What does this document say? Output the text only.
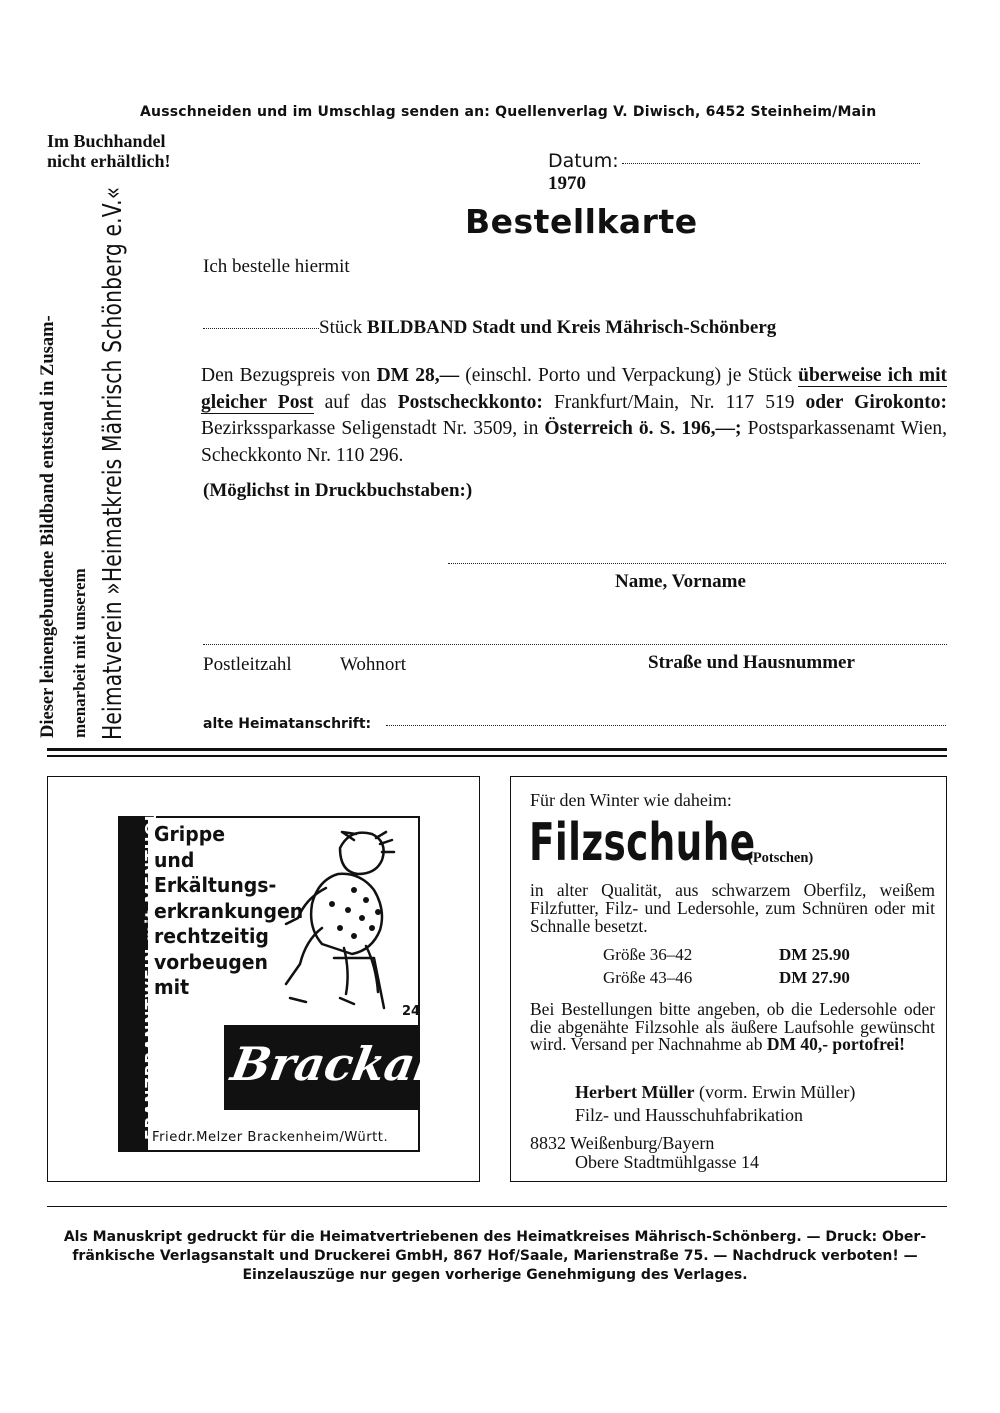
Ausschneiden und im Umschlag senden an: Quellenverlag V. Diwisch, 6452 Steinheim/Main
Im Buchhandel
nicht erhältlich!	Datum:1970
Bestellkarte
Dieser leinengebundene Bildband entstand in Zusam- menarbeit mit unserem Heimatverein »Heimatkreis Mährisch Schönberg e.V.«	Ich bestelle hiermit
Stück BILDBAND Stadt und Kreis Mährisch-Schönberg
Den Bezugspreis von DM 28,— (einschl. Porto und Verpackung) je Stück überweise ich mit gleicher Post auf das Postscheckkonto: Frankfurt/Main, Nr. 117 519 oder Girokonto: Bezirkssparkasse Seligenstadt Nr. 3509, in Österreich ö. S. 196,—; Postsparkassenamt Wien, Scheckkonto Nr. 110 296.
(Möglichst in Druckbuchstaben:)
Name, Vorname
Postleitzahl	Wohnort	Straße und Hausnummer
alte Heimatanschrift:
FRANZBRANNTWEIN mit MENTHOL
Grippe
und
Erkältungs-
erkrankungen
rechtzeitig
vorbeugen
mit
24
Brackal
Friedr.Melzer Brackenheim/Württ.
Für den Winter wie daheim:
Filzschuhe
(Potschen)
in alter Qualität, aus schwarzem Oberfilz, weißem Filzfutter, Filz- und Ledersohle, zum Schnüren oder mit Schnalle besetzt.
Größe 36–42	DM 25.90
Größe 43–46	DM 27.90
Bei Bestellungen bitte angeben, ob die Ledersohle oder die abgenähte Filzsohle als äußere Laufsohle gewünscht wird. Versand per Nachnahme ab DM 40,- portofrei!
Herbert Müller (vorm. Erwin Müller)
Filz- und Hausschuhfabrikation
8832 Weißenburg/Bayern
Obere Stadtmühlgasse 14
Als Manuskript gedruckt für die Heimatvertriebenen des Heimatkreises Mährisch-Schönberg. — Druck: Ober-
fränkische Verlagsanstalt und Druckerei GmbH, 867 Hof/Saale, Marienstraße 75. — Nachdruck verboten! —
Einzelauszüge nur gegen vorherige Genehmigung des Verlages.
